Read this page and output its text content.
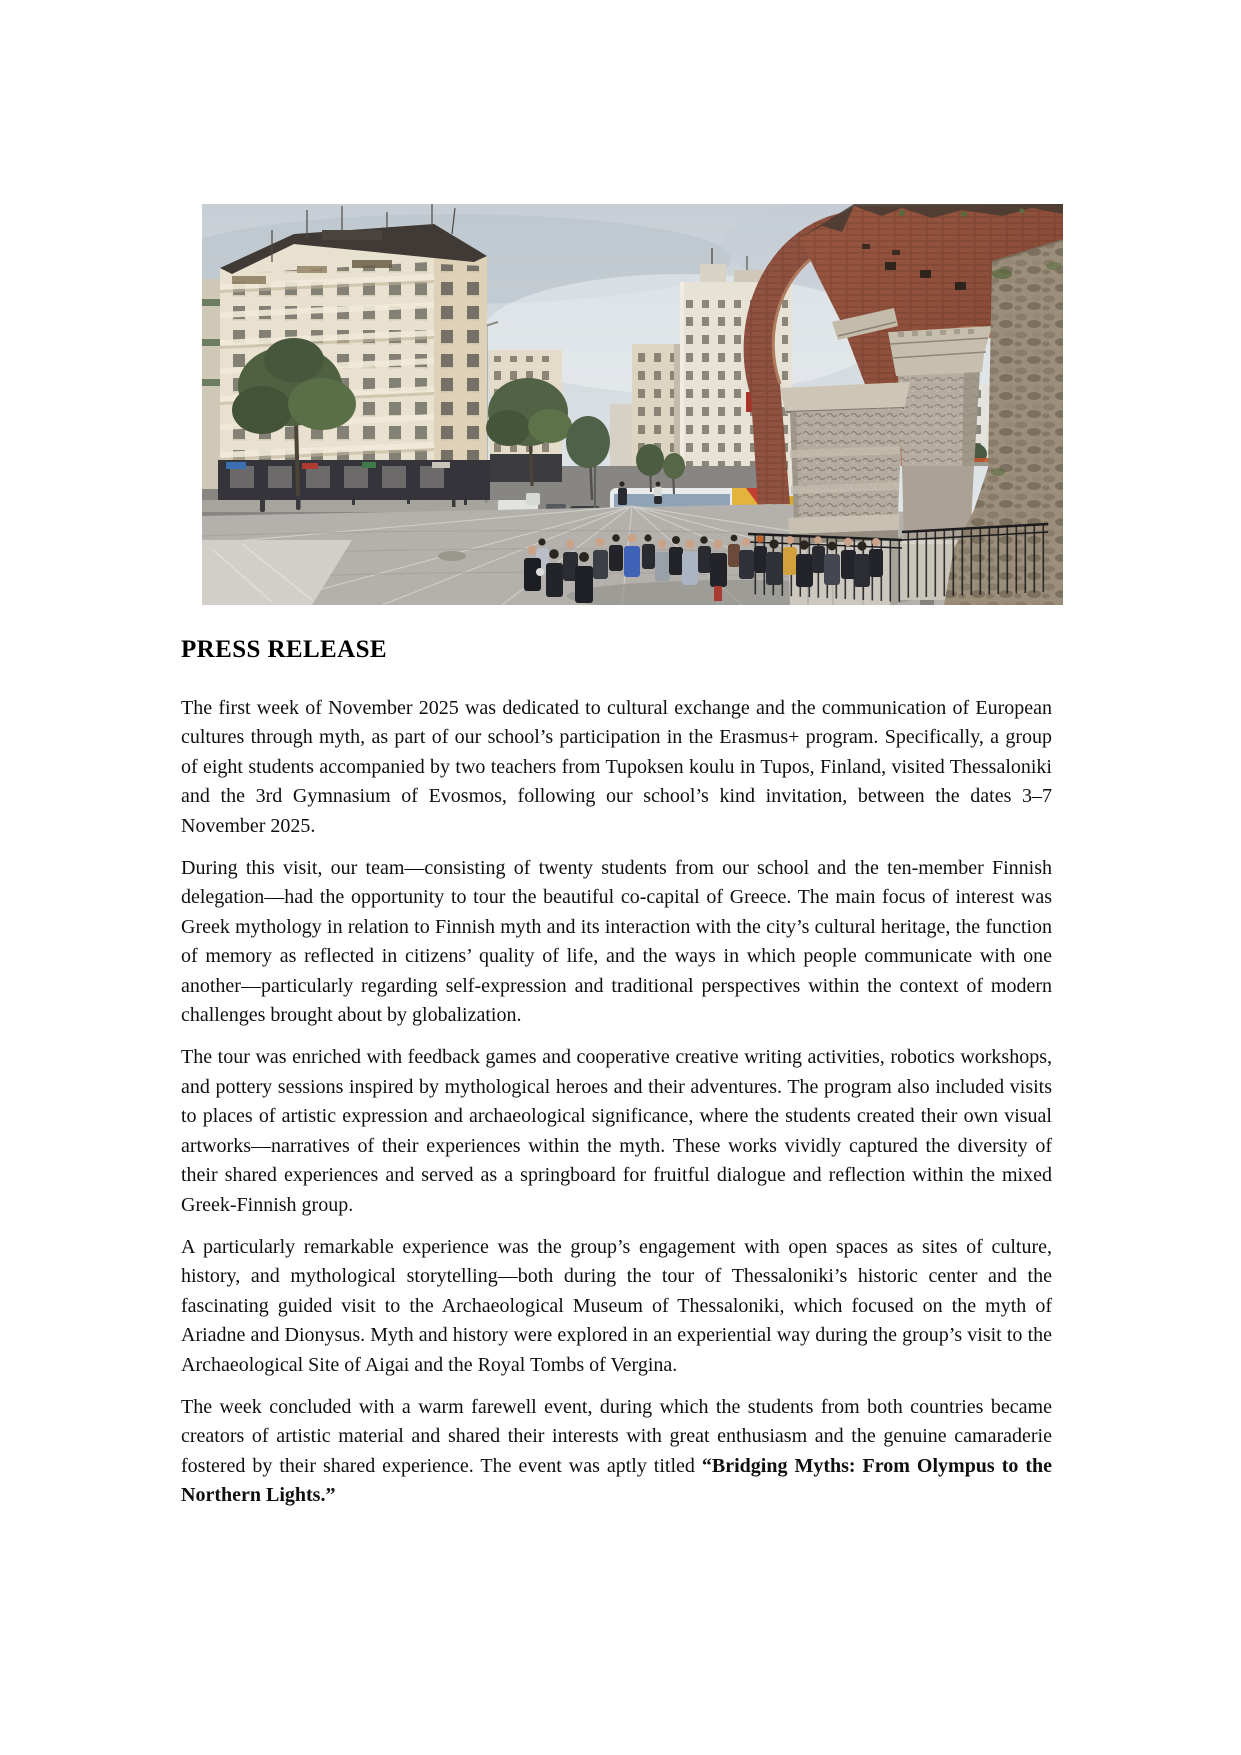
PRESS RELEASE

The first week of November 2025 was dedicated to cultural exchange and the communication of European cultures through myth, as part of our school’s participation in the Erasmus+ program. Specifically, a group of eight students accompanied by two teachers from Tupoksen koulu in Tupos, Finland, visited Thessaloniki and the 3rd Gymnasium of Evosmos, following our school’s kind invitation, between the dates 3–7 November 2025.

During this visit, our team—consisting of twenty students from our school and the ten-member Finnish delegation—had the opportunity to tour the beautiful co-capital of Greece. The main focus of interest was Greek mythology in relation to Finnish myth and its interaction with the city’s cultural heritage, the function of memory as reflected in citizens’ quality of life, and the ways in which people communicate with one another—particularly regarding self-expression and traditional perspectives within the context of modern challenges brought about by globalization.

The tour was enriched with feedback games and cooperative creative writing activities, robotics workshops, and pottery sessions inspired by mythological heroes and their adventures. The program also included visits to places of artistic expression and archaeological significance, where the students created their own visual artworks—narratives of their experiences within the myth. These works vividly captured the diversity of their shared experiences and served as a springboard for fruitful dialogue and reflection within the mixed Greek-Finnish group.

A particularly remarkable experience was the group’s engagement with open spaces as sites of culture, history, and mythological storytelling—both during the tour of Thessaloniki’s historic center and the fascinating guided visit to the Archaeological Museum of Thessaloniki, which focused on the myth of Ariadne and Dionysus. Myth and history were explored in an experiential way during the group’s visit to the Archaeological Site of Aigai and the Royal Tombs of Vergina.

The week concluded with a warm farewell event, during which the students from both countries became creators of artistic material and shared their interests with great enthusiasm and the genuine camaraderie fostered by their shared experience. The event was aptly titled “Bridging Myths: From Olympus to the Northern Lights.”
